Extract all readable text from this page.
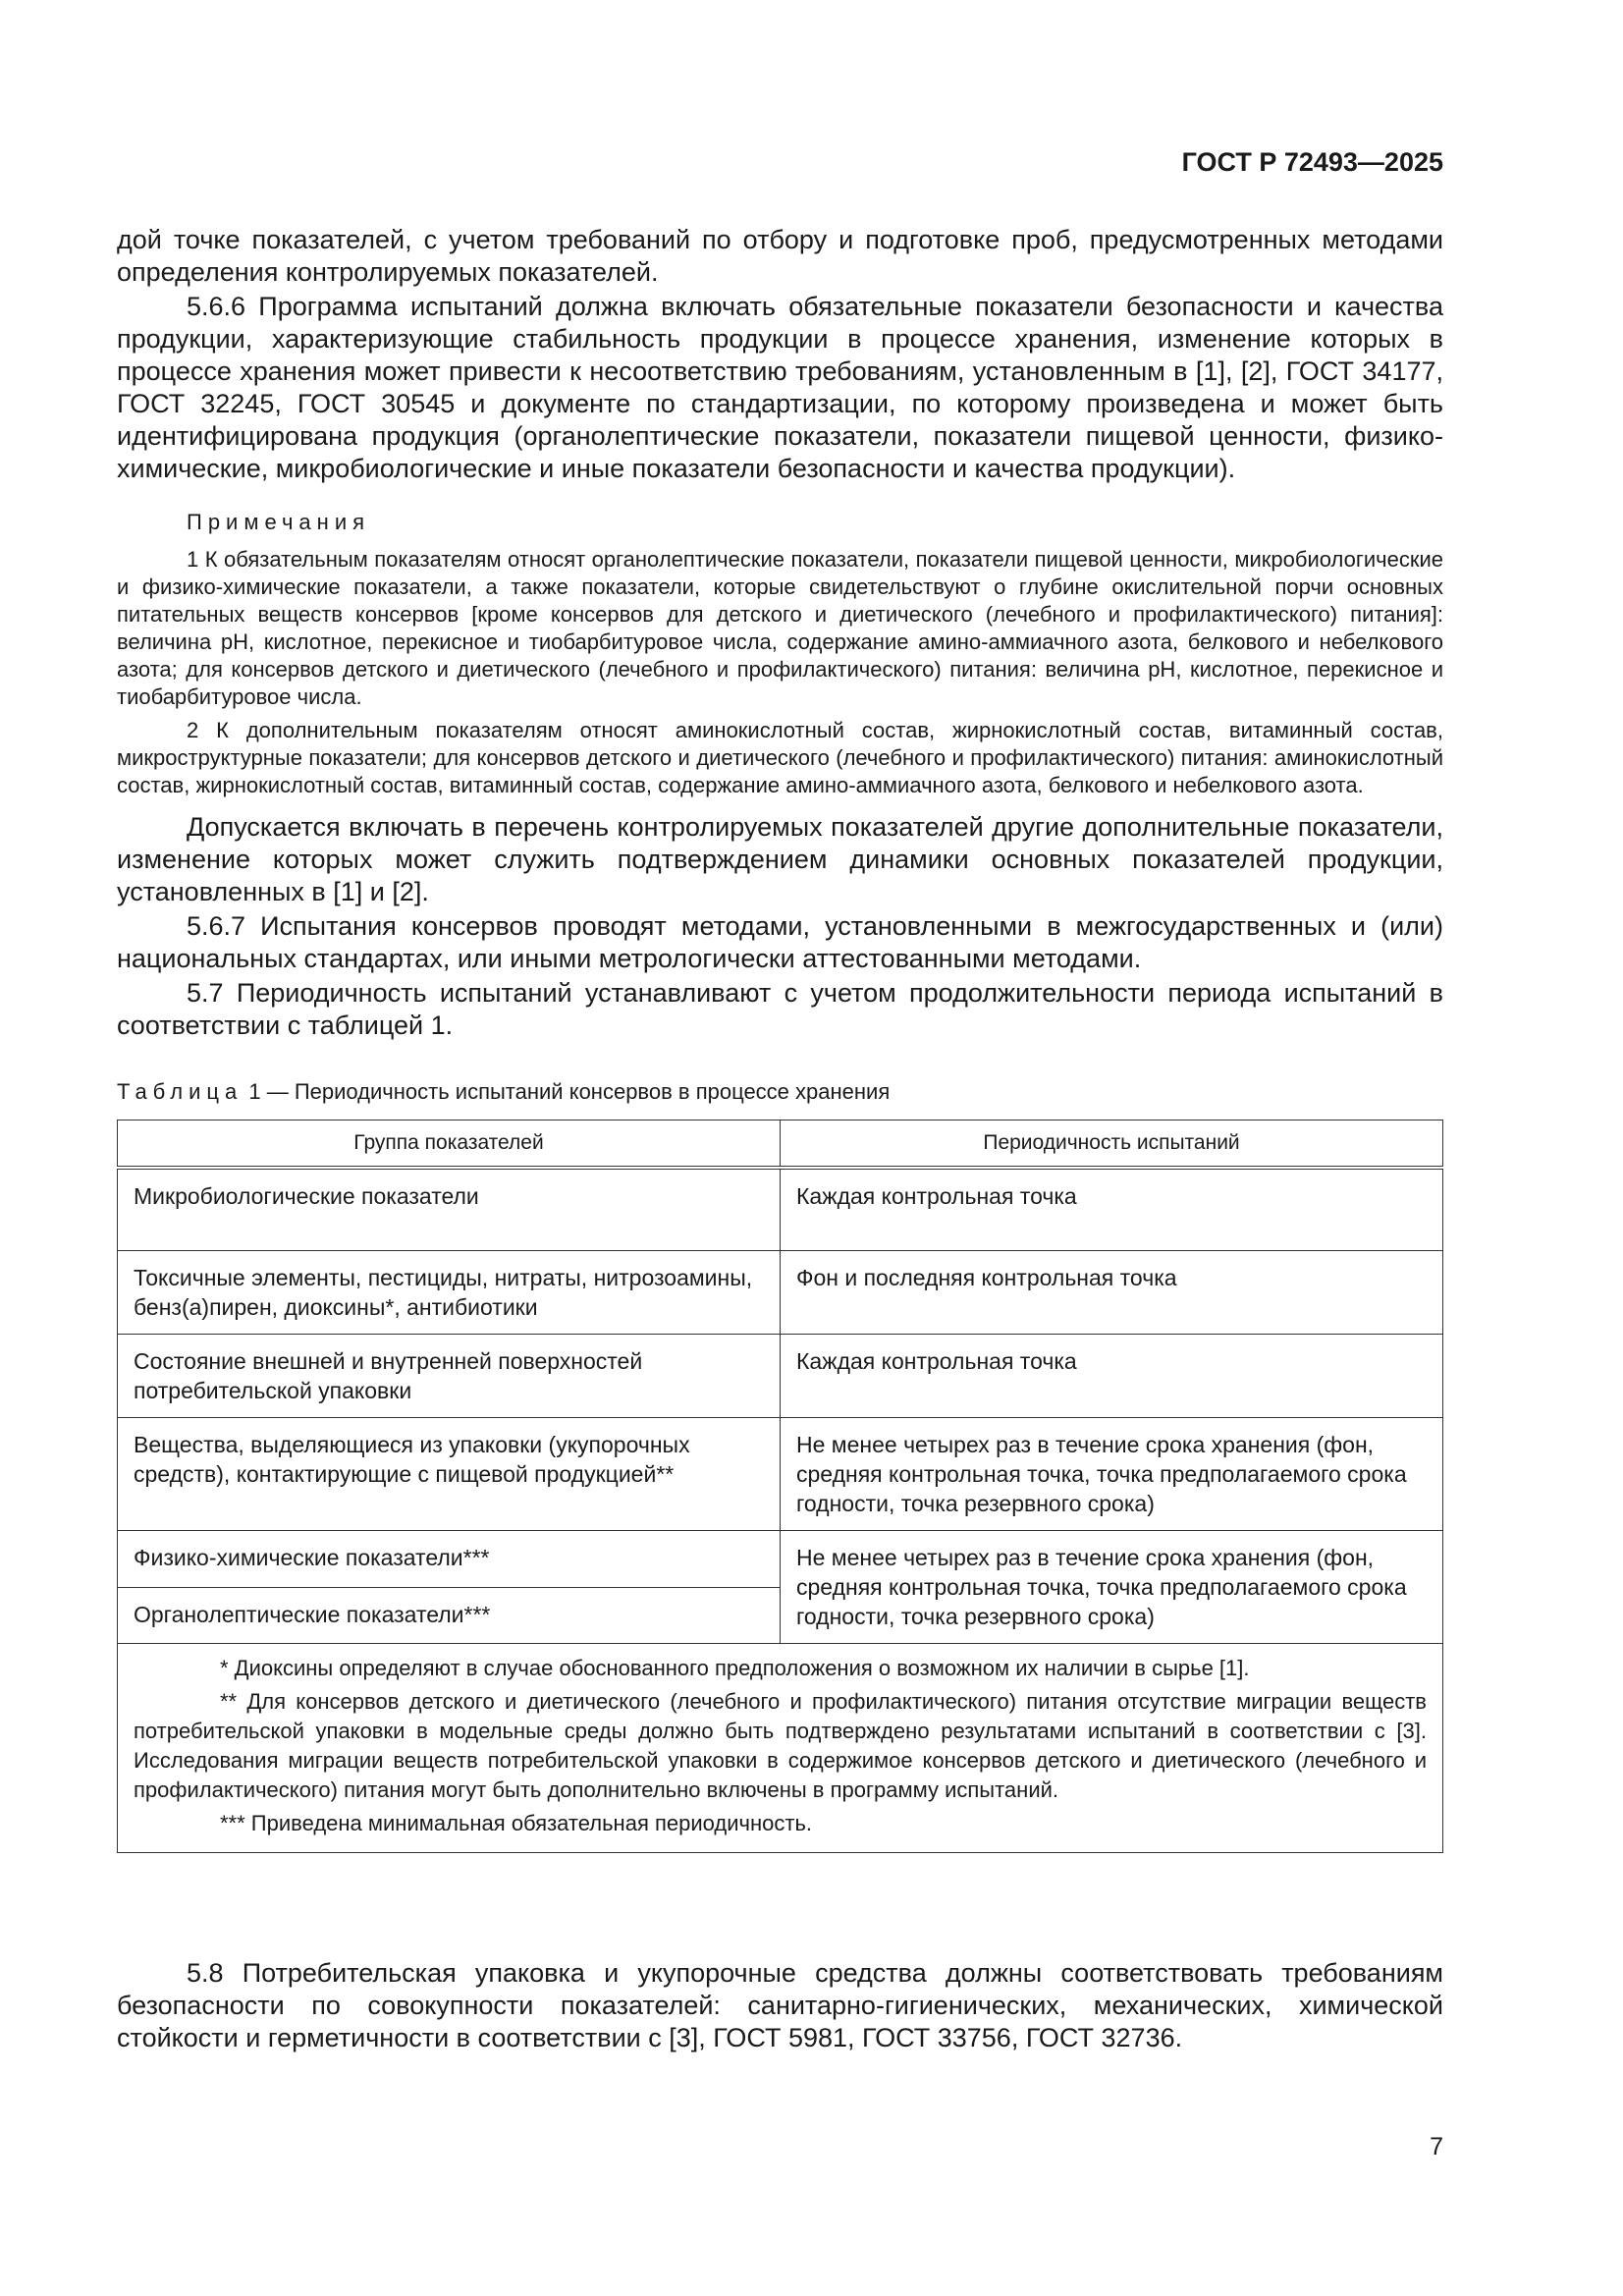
ГОСТ Р 72493—2025

дой точке показателей, с учетом требований по отбору и подготовке проб, предусмотренных методами определения контролируемых показателей.

5.6.6 Программа испытаний должна включать обязательные показатели безопасности и качества продукции, характеризующие стабильность продукции в процессе хранения, изменение которых в процессе хранения может привести к несоответствию требованиям, установленным в [1], [2], ГОСТ 34177, ГОСТ 32245, ГОСТ 30545 и документе по стандартизации, по которому произведена и может быть идентифицирована продукция (органолептические показатели, показатели пищевой ценности, физико-химические, микробиологические и иные показатели безопасности и качества продукции).

Примечания

1 К обязательным показателям относят органолептические показатели, показатели пищевой ценности, микробиологические и физико-химические показатели, а также показатели, которые свидетельствуют о глубине окислительной порчи основных питательных веществ консервов [кроме консервов для детского и диетического (лечебного и профилактического) питания]: величина pH, кислотное, перекисное и тиобарбитуровое числа, содержание амино-аммиачного азота, белкового и небелкового азота; для консервов детского и диетического (лечебного и профилактического) питания: величина pH, кислотное, перекисное и тиобарбитуровое числа.

2 К дополнительным показателям относят аминокислотный состав, жирнокислотный состав, витаминный состав, микроструктурные показатели; для консервов детского и диетического (лечебного и профилактического) питания: аминокислотный состав, жирнокислотный состав, витаминный состав, содержание амино-аммиачного азота, белкового и небелкового азота.

Допускается включать в перечень контролируемых показателей другие дополнительные показатели, изменение которых может служить подтверждением динамики основных показателей продукции, установленных в [1] и [2].

5.6.7 Испытания консервов проводят методами, установленными в межгосударственных и (или) национальных стандартах, или иными метрологически аттестованными методами.

5.7 Периодичность испытаний устанавливают с учетом продолжительности периода испытаний в соответствии с таблицей 1.

Таблица 1 — Периодичность испытаний консервов в процессе хранения
Группа показателей	Периодичность испытаний
Микробиологические показатели	Каждая контрольная точка
Токсичные элементы, пестициды, нитраты, нитрозоамины, бенз(а)пирен, диоксины*, антибиотики	Фон и последняя контрольная точка
Состояние внешней и внутренней поверхностей потребительской упаковки	Каждая контрольная точка
Вещества, выделяющиеся из упаковки (укупорочных средств), контактирующие с пищевой продукцией**	Не менее четырех раз в течение срока хранения (фон, средняя контрольная точка, точка предполагаемого срока годности, точка резервного срока)
Физико-химические показатели***	Не менее четырех раз в течение срока хранения (фон, средняя контрольная точка, точка предполагаемого срока годности, точка резервного срока)
Органолептические показатели***	

* Диоксины определяют в случае обоснованного предположения о возможном их наличии в сырье [1].

** Для консервов детского и диетического (лечебного и профилактического) питания отсутствие миграции веществ потребительской упаковки в модельные среды должно быть подтверждено результатами испытаний в соответствии с [3]. Исследования миграции веществ потребительской упаковки в содержимое консервов детского и диетического (лечебного и профилактического) питания могут быть дополнительно включены в программу испытаний.

*** Приведена минимальная обязательная периодичность.	

5.8 Потребительская упаковка и укупорочные средства должны соответствовать требованиям безопасности по совокупности показателей: санитарно-гигиенических, механических, химической стойкости и герметичности в соответствии с [3], ГОСТ 5981, ГОСТ 33756, ГОСТ 32736.

7
